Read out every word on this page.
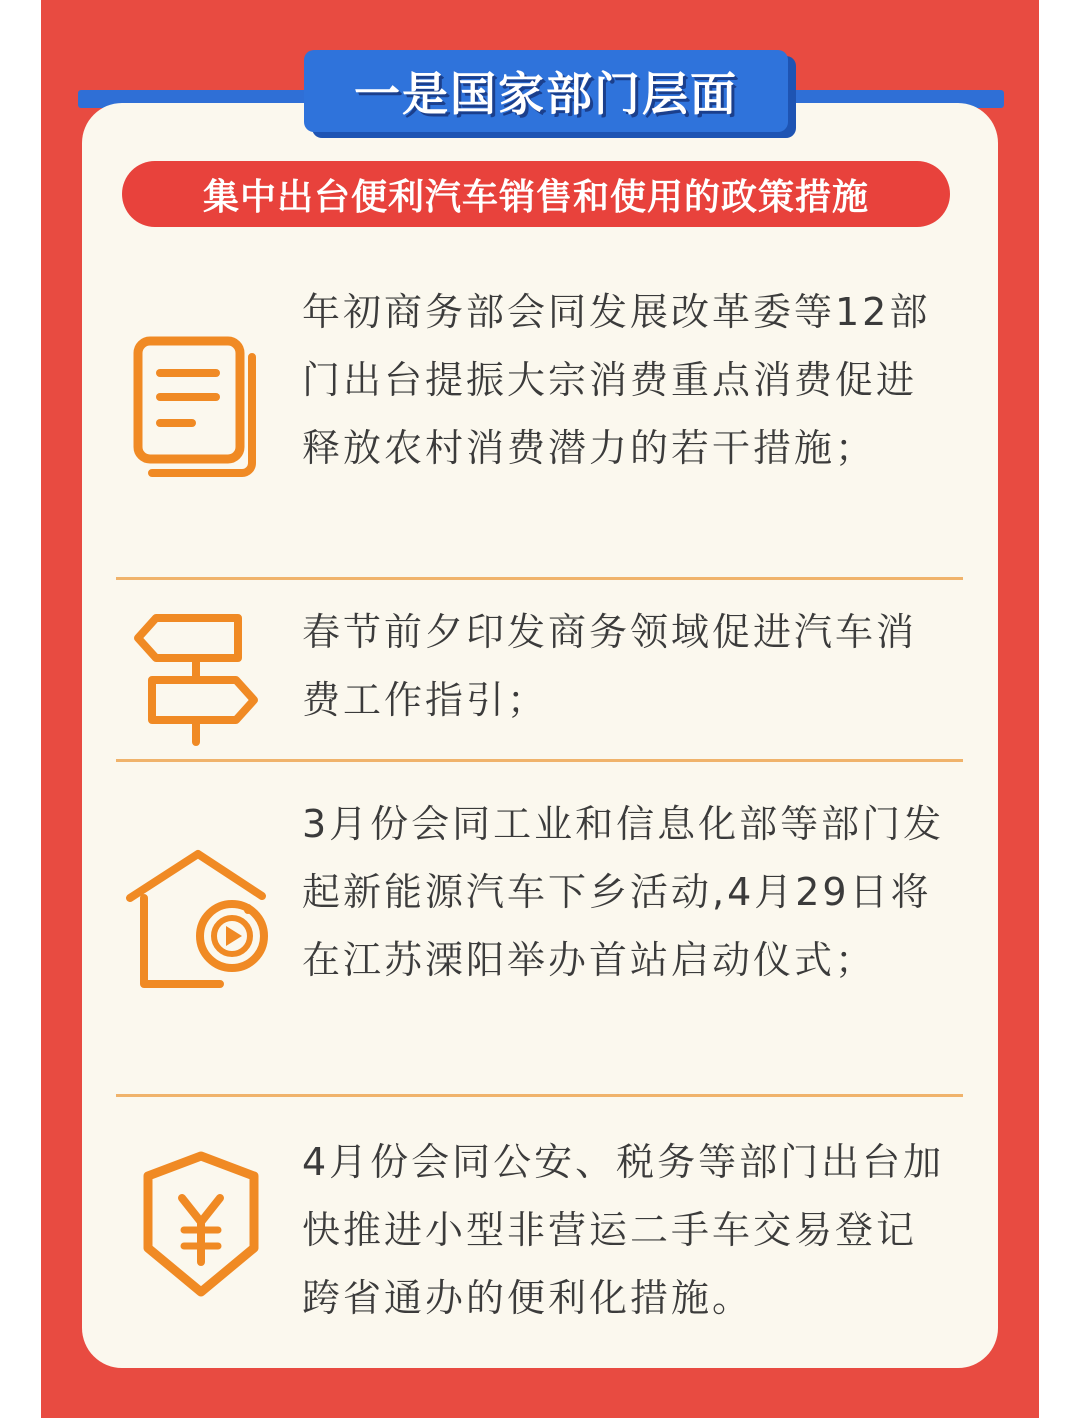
一是国家部门层面
集中出台便利汽车销售和使用的政策措施

年初商务部会同发展改革委等12部门出台提振大宗消费重点消费促进释放农村消费潜力的若干措施；

春节前夕印发商务领域促进汽车消费工作指引；

3月份会同工业和信息化部等部门发起新能源汽车下乡活动,4月29日将在江苏溧阳举办首站启动仪式；

4月份会同公安、税务等部门出台加快推进小型非营运二手车交易登记跨省通办的便利化措施。
